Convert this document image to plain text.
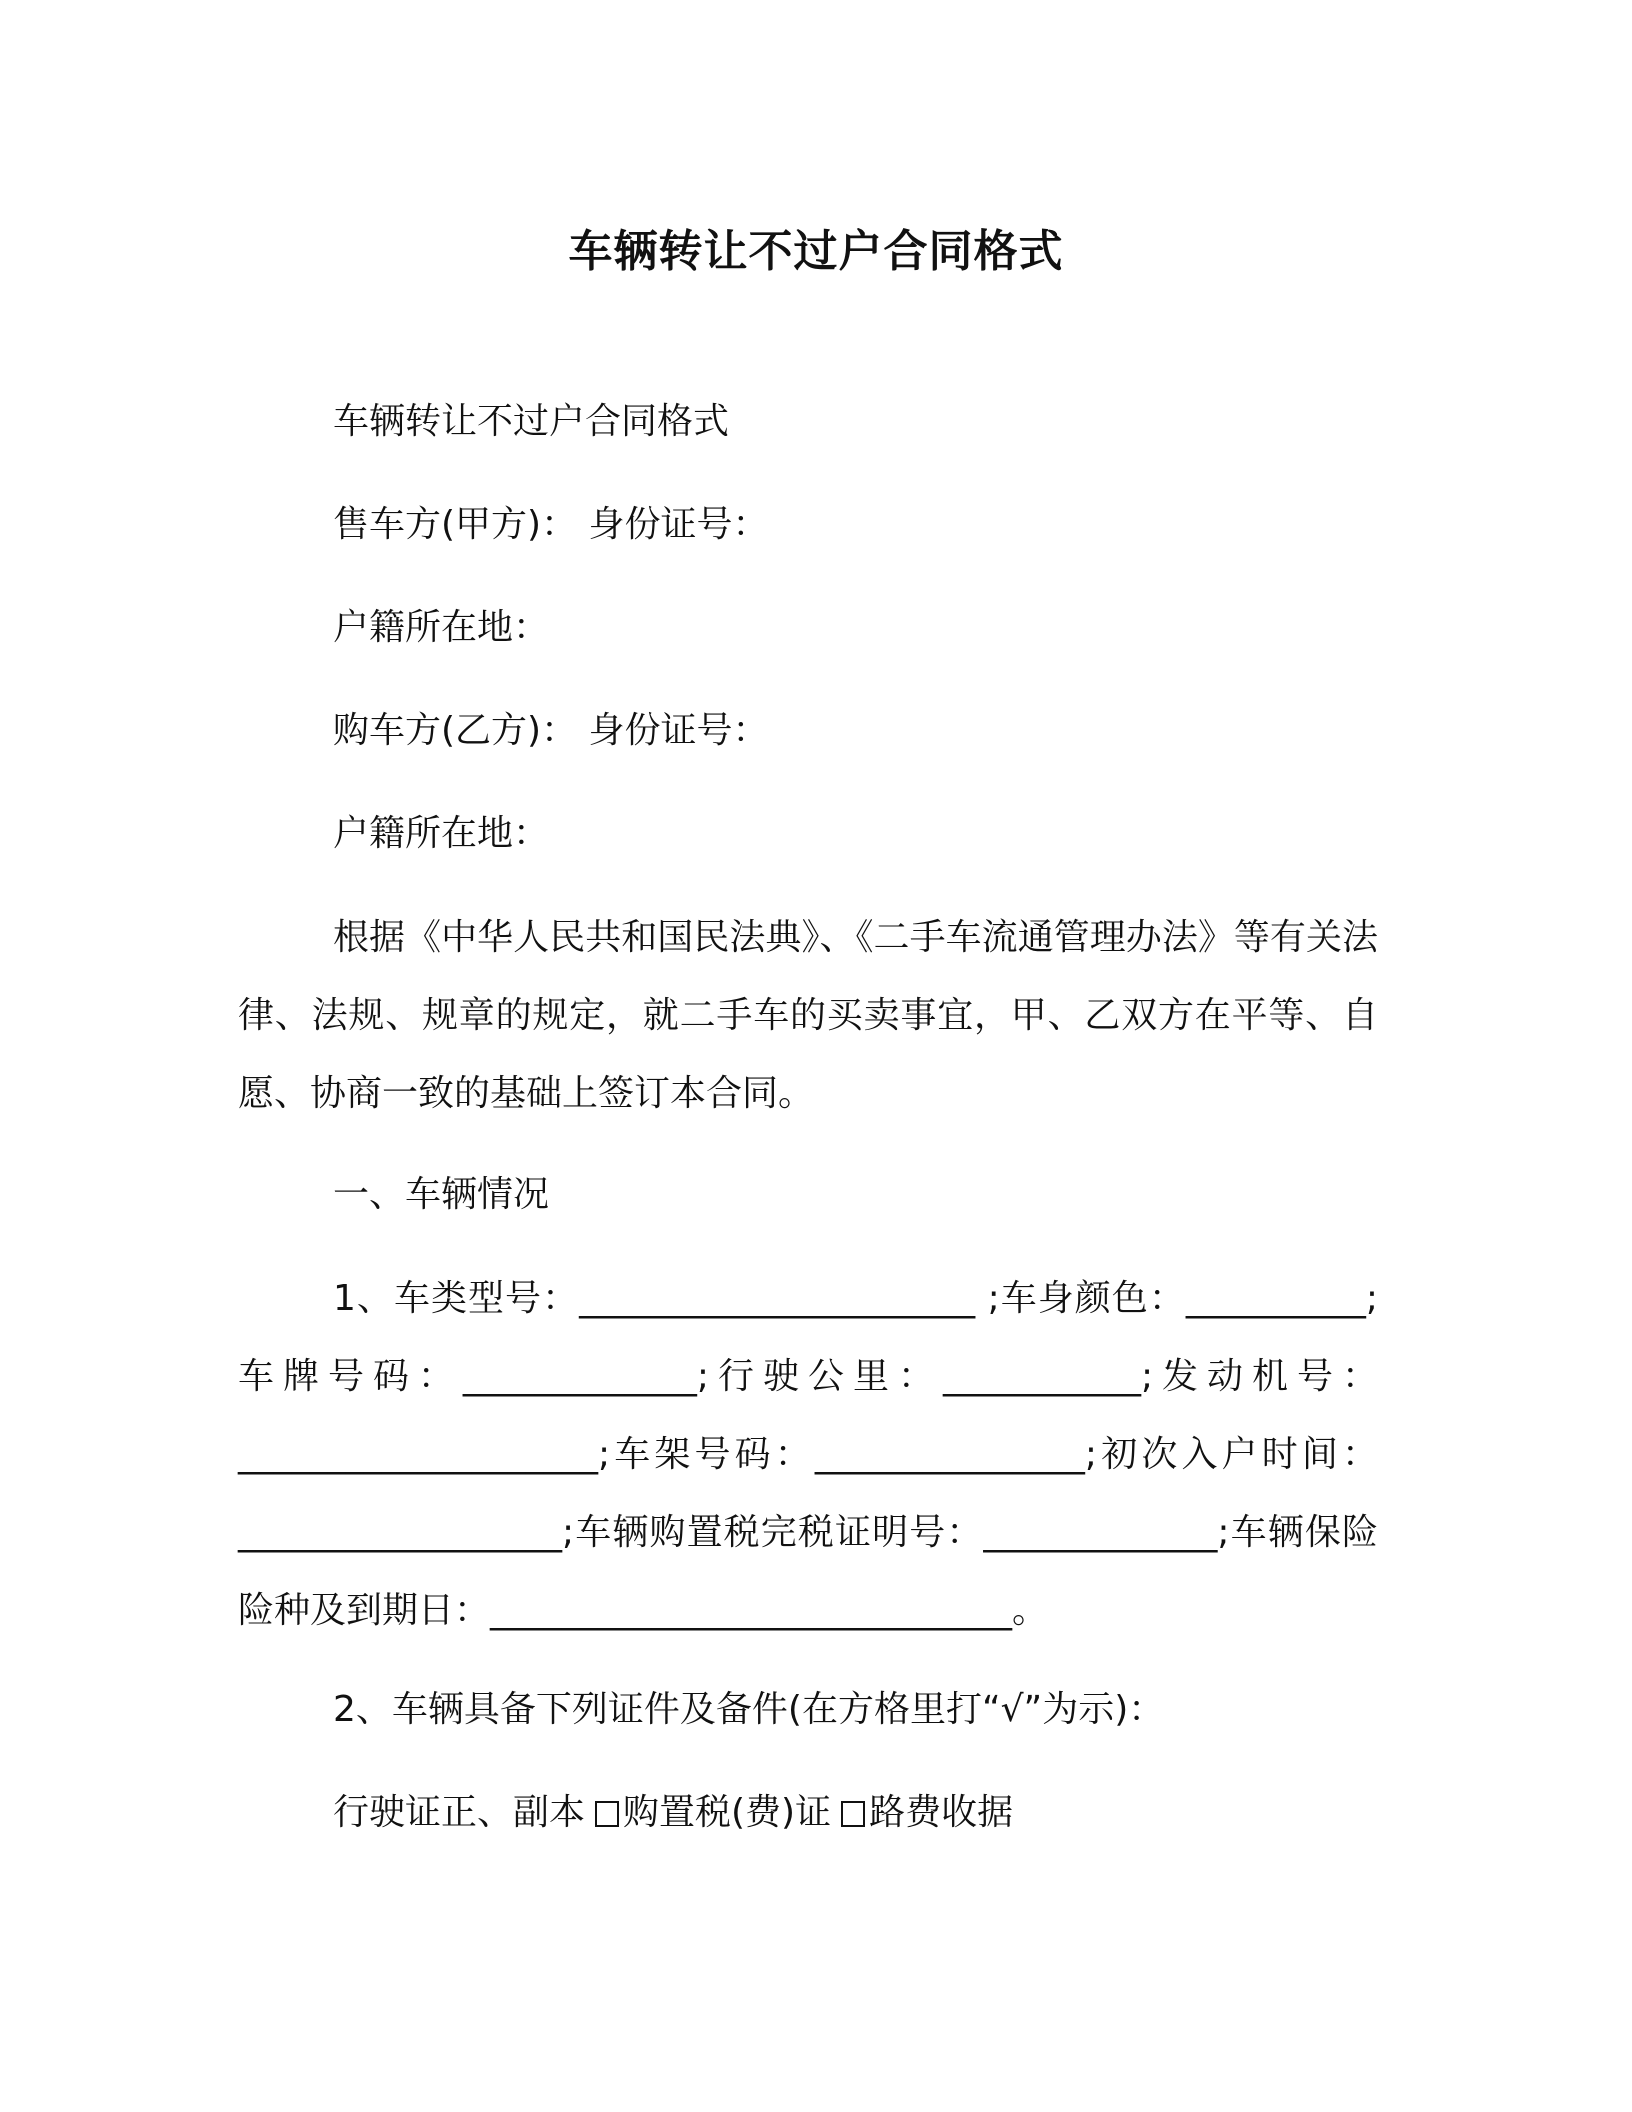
车辆转让不过户合同格式
车辆转让不过户合同格式
售车方(甲方)： 身份证号：
户籍所在地：
购车方(乙方)： 身份证号：
户籍所在地：
根据《中华人民共和国民法典》、《二手车流通管理办法》等有关法律、法规、规章的规定，就二手车的买卖事宜，甲、乙双方在平等、自愿、协商一致的基础上签订本合同。
一、车辆情况
1、车类型号：______________________ ;车身颜色：__________;车牌号码：_____________;行驶公里：___________;发动机号：____________________;车架号码：_______________;初次入户时间：__________________;车辆购置税完税证明号：_____________;车辆保险险种及到期日：_____________________________。
2、车辆具备下列证件及备件(在方格里打“√”为示)：
行驶证正、副本 购置税(费)证 路费收据
